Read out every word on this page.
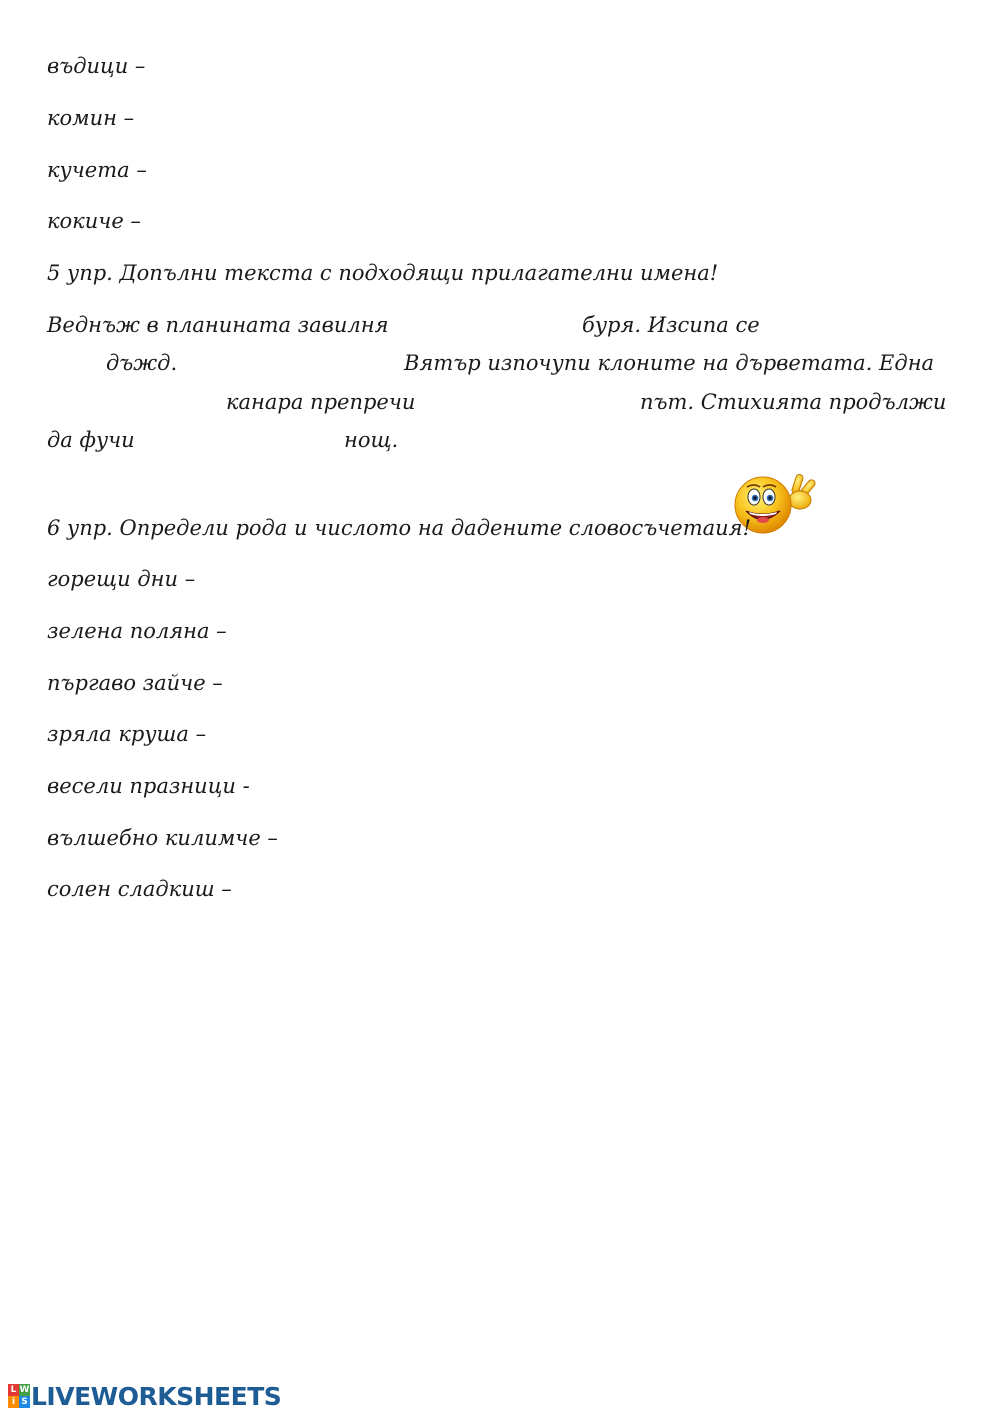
въдици –
комин –
кучета –
кокиче –
5 упр. Допълни текста с подходящи прилагателни имена!
Веднъж в планината завилня	буря. Изсипа се
дъжд.	Вятър изпочупи клоните на дърветата. Една
канара препречи	път. Стихията продължи
да фучи	нощ.
6 упр. Определи рода и числото на дадените словосъчетаия!
горещи дни –
зелена поляна –
пъргаво зайче –
зряла круша –
весели празници -
вълшебно килимче –
солен сладкиш –
L W
i S LIVEWORKSHEETS
